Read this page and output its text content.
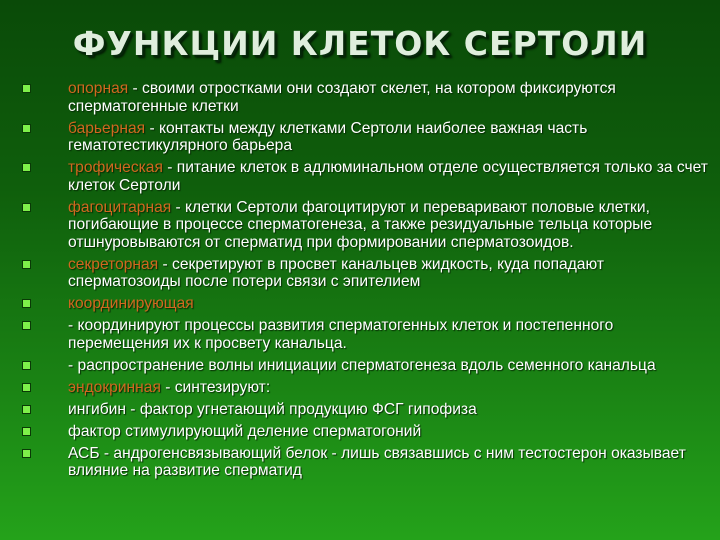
ФУНКЦИИ КЛЕТОК СЕРТОЛИ
опорная - своими отростками они создают скелет, на котором фиксируются сперматогенные клетки
барьерная - контакты между клетками Сертоли наиболее важная часть гематотестикулярного барьера
трофическая - питание клеток в адлюминальном отделе осуществляется только за счет клеток Сертоли
фагоцитарная - клетки Сертоли фагоцитируют и переваривают половые клетки, погибающие в процессе сперматогенеза, а также резидуальные тельца которые отшнуровываются от сперматид при формировании сперматозоидов.
секреторная - секретируют в просвет канальцев жидкость, куда попадают сперматозоиды после потери связи с эпителием
координирующая
- координируют процессы развития сперматогенных клеток и постепенного перемещения их к просвету канальца.
- распространение волны инициации сперматогенеза вдоль семенного канальца
эндокринная - синтезируют:
ингибин - фактор угнетающий продукцию ФСГ гипофиза
фактор стимулирующий деление сперматогоний
АСБ - андрогенсвязывающий белок - лишь связавшись с ним тестостерон оказывает влияние на развитие сперматид
